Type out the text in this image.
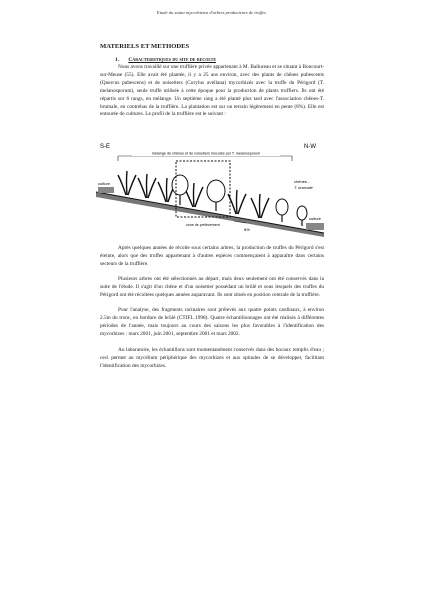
Etude du statut mycorhizien d'arbres producteurs de truffes
MATERIELS ET METHODES
1. Caracteristiques du site de recolte

Nous avons travaillé sur une truffière privée appartenant à M. Ballureau et se situant à Boncourt-sur-Meuse (55). Elle avait été plantée, il y a 25 ans environ, avec des plants de chênes pubescents (Quercus pubescens) et de noisetiers (Corylus avellana) mycorhizés avec la truffe du Périgord (T. melanosporum), seule truffe utilisée à cette époque pour la production de plants truffiers. Ils ont été répartis sur 6 rangs, en mélange. Un septième rang a été planté plus tard avec l'association chênes-T. brumale, en contrebas de la truffière. La plantation est sur un terrain légèrement en pente (8%). Elle est entourée de cultures. Le profil de la truffière est le suivant :

S-E	N-W
mélange de chênes et de noisetiers inoculés par T. melanosporum
culture
zone de prélèvement
8%
chênes -
T. brumale
culture

Après quelques années de récolte sous certains arbres, la production de truffes du Périgord s'est éteinte, alors que des truffes appartenant à d'autres espèces commençaient à apparaître dans certains secteurs de la truffière.

Plusieurs arbres ont été sélectionnés au départ, mais deux seulement ont été conservés dans la suite de l'étude. Il s'agit d'un chêne et d'un noisetier possédant un brûlé et sous lesquels des truffes du Périgord ont été récoltées quelques années auparavant. Ils sont situés en position centrale de la truffière.

Pour l'analyse, des fragments racinaires sont prélevés aux quatre points cardinaux, à environ 2.5m du tronc, en bordure de brûlé (CTIFL 1998). Quatre échantillonnages ont été réalisés à différentes périodes de l'année, mais toujours au cours des saisons les plus favorables à l'identification des mycorhizes : mars 2001, juin 2001, septembre 2001 et mars 2002.

Au laboratoire, les échantillons sont momentanément conservés dans des bocaux remplis d'eau ; ceci permet au mycélium périphérique des mycorhizes et aux spinules de se développer, facilitant l'identification des mycorhizes.
